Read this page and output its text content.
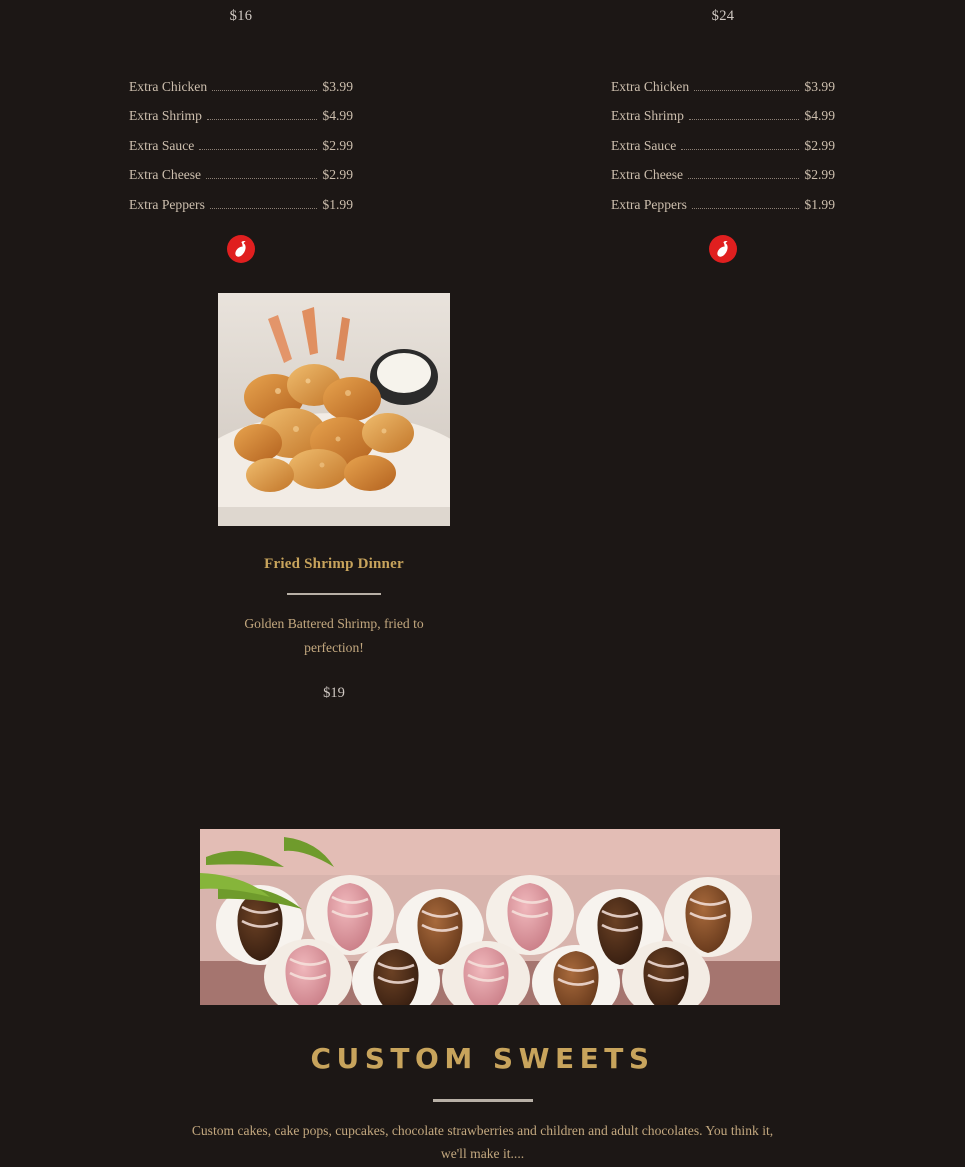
$16
Extra Chicken	$3.99
Extra Shrimp	$4.99
Extra Sauce	$2.99
Extra Cheese	$2.99
Extra Peppers	$1.99
$24
Extra Chicken	$3.99
Extra Shrimp	$4.99
Extra Sauce	$2.99
Extra Cheese	$2.99
Extra Peppers	$1.99
Fried Shrimp Dinner
Golden Battered Shrimp, fried to perfection!
$19
CUSTOM SWEETS
Custom cakes, cake pops, cupcakes, chocolate strawberries and children and adult chocolates. You think it, we'll make it....
